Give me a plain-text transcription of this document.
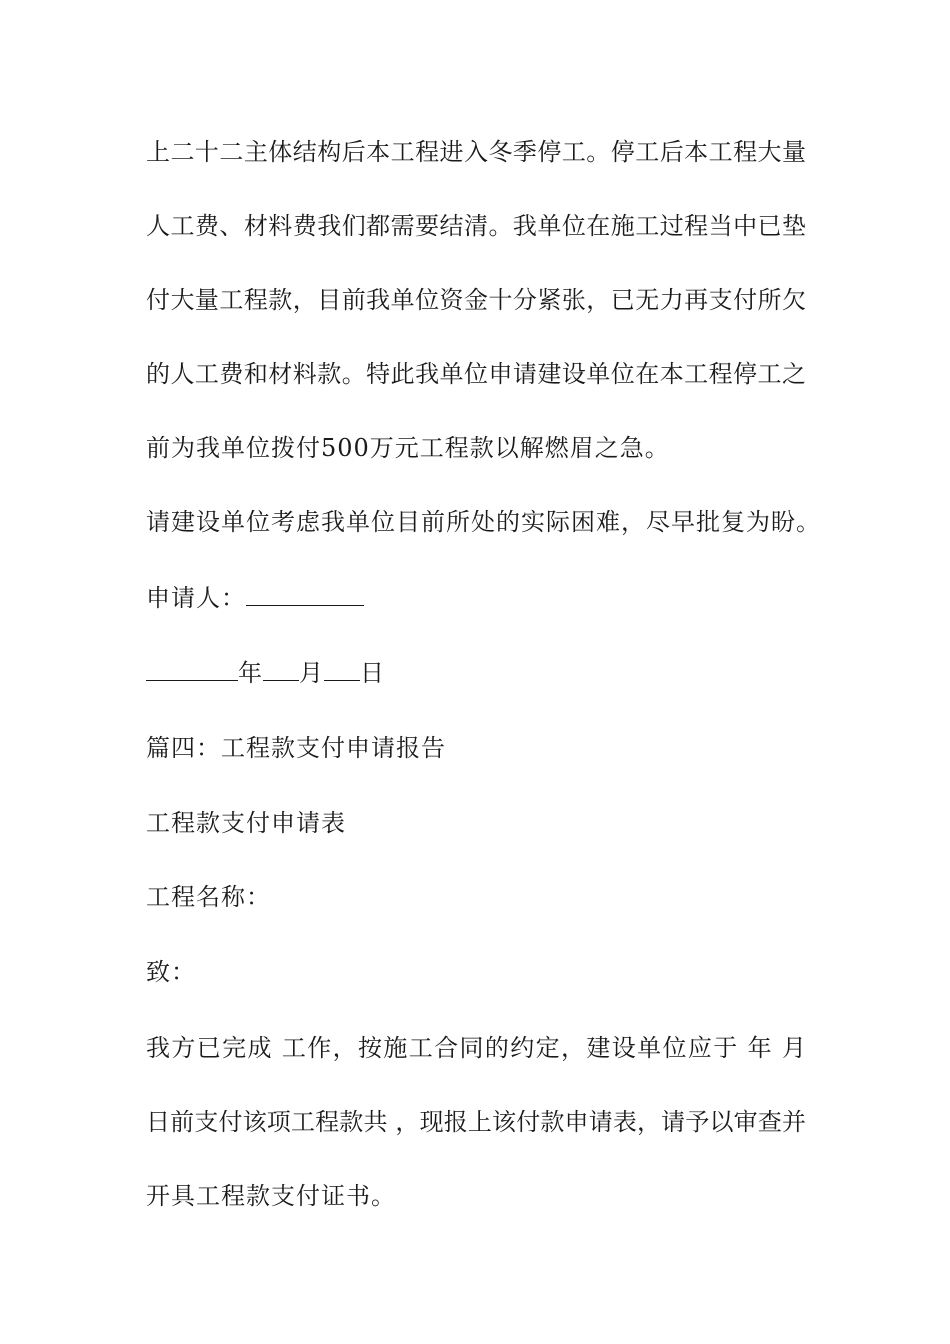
上二十二主体结构后本工程进入冬季停工。停工后本工程大量
人工费、材料费我们都需要结清。我单位在施工过程当中已垫
付大量工程款，目前我单位资金十分紧张，已无力再支付所欠
的人工费和材料款。特此我单位申请建设单位在本工程停工之
前为我单位拨付500万元工程款以解燃眉之急。
请建设单位考虑我单位目前所处的实际困难，尽早批复为盼。
申请人：
年 月 日
篇四：工程款支付申请报告
工程款支付申请表
工程名称：
致：
我方已完成 工作，按施工合同的约定，建设单位应于 年 月
日前支付该项工程款共 ，现报上该付款申请表，请予以审查并
开具工程款支付证书。
